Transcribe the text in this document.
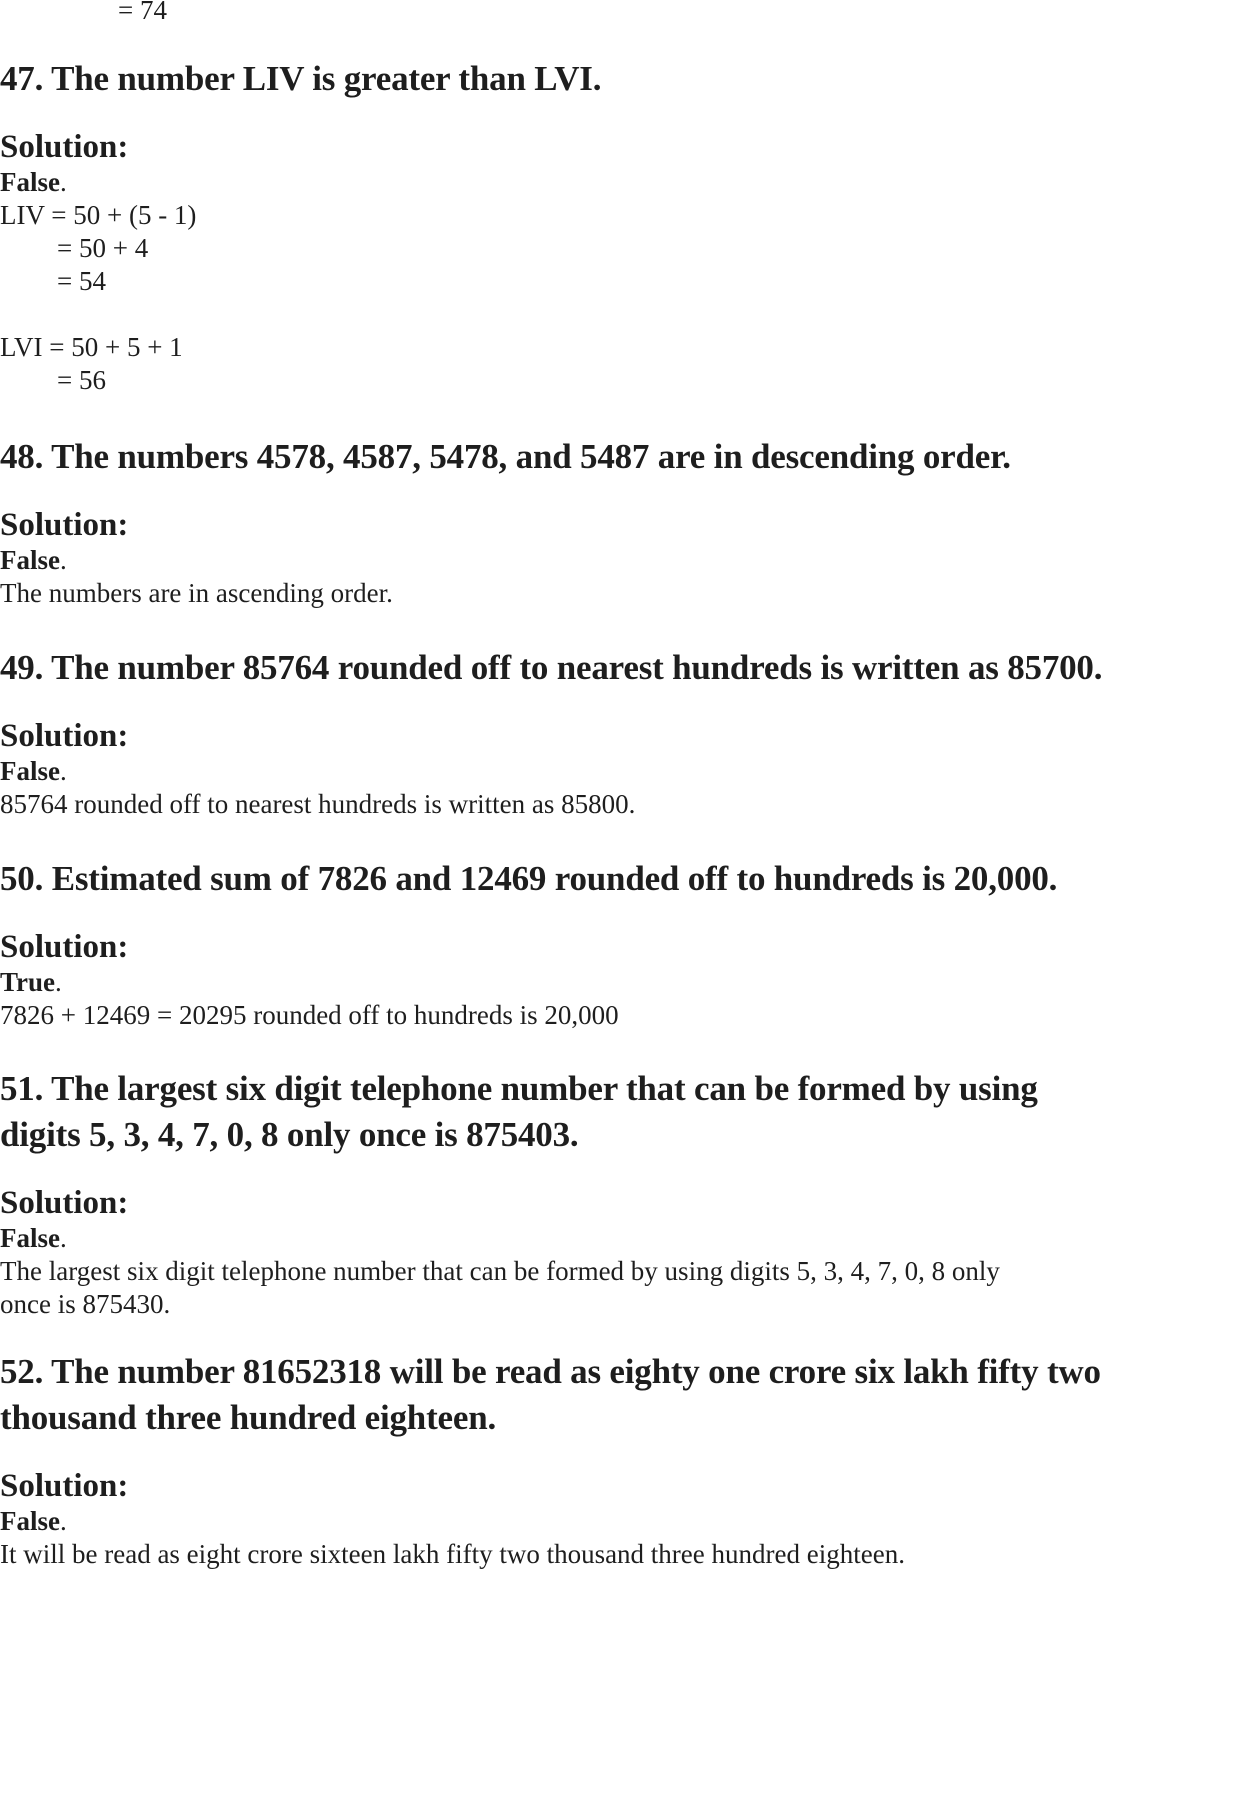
= 74
47. The number LIV is greater than LVI.
Solution:

False.

LIV = 50 + (5 - 1)

= 50 + 4

= 54

LVI = 50 + 5 + 1

= 56

48. The numbers 4578, 4587, 5478, and 5487 are in descending order.
Solution:

False.

The numbers are in ascending order.

49. The number 85764 rounded off to nearest hundreds is written as 85700.
Solution:

False.

85764 rounded off to nearest hundreds is written as 85800.

50. Estimated sum of 7826 and 12469 rounded off to hundreds is 20,000.
Solution:

True.

7826 + 12469 = 20295 rounded off to hundreds is 20,000

51. The largest six digit telephone number that can be formed by using
digits 5, 3, 4, 7, 0, 8 only once is 875403.
Solution:

False.

The largest six digit telephone number that can be formed by using digits 5, 3, 4, 7, 0, 8 only

once is 875430.

52. The number 81652318 will be read as eighty one crore six lakh fifty two
thousand three hundred eighteen.
Solution:

False.

It will be read as eight crore sixteen lakh fifty two thousand three hundred eighteen.
